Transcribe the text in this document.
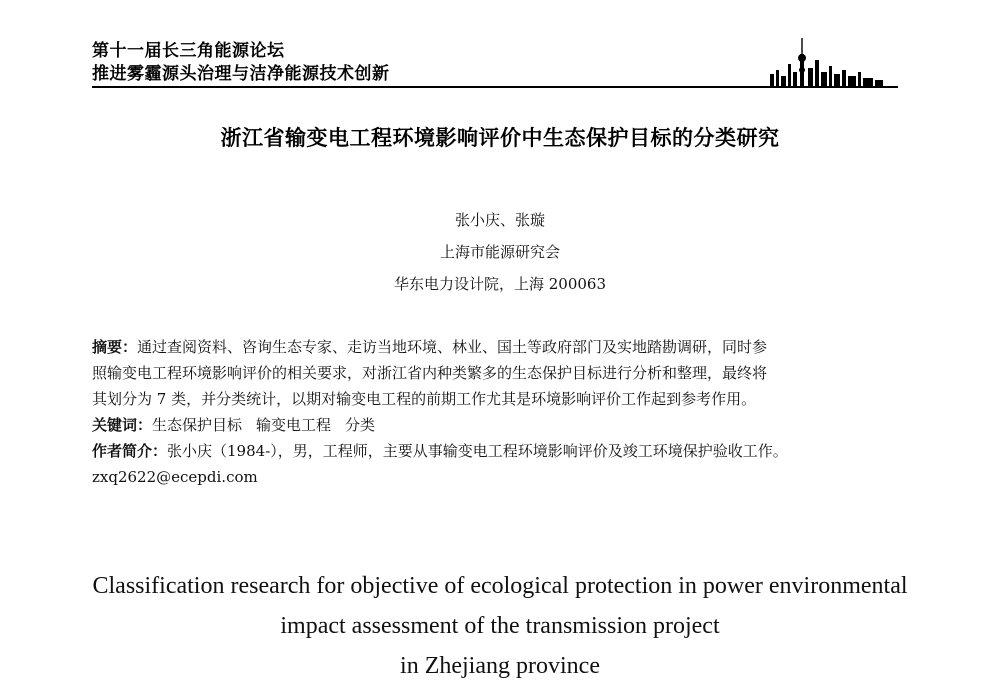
第十一届长三角能源论坛
推进雾霾源头治理与洁净能源技术创新
浙江省输变电工程环境影响评价中生态保护目标的分类研究
张小庆、张璇
上海市能源研究会
华东电力设计院，上海 200063
摘要：通过查阅资料、咨询生态专家、走访当地环境、林业、国土等政府部门及实地踏勘调研，同时参
照输变电工程环境影响评价的相关要求，对浙江省内种类繁多的生态保护目标进行分析和整理，最终将
其划分为 7 类，并分类统计，以期对输变电工程的前期工作尤其是环境影响评价工作起到参考作用。
关键词：生态保护目标 输变电工程 分类
作者简介：张小庆（1984-），男，工程师，主要从事输变电工程环境影响评价及竣工环境保护验收工作。
zxq2622@ecepdi.com
Classification research for objective of ecological protection in power environmental
impact assessment of the transmission project
in Zhejiang province
